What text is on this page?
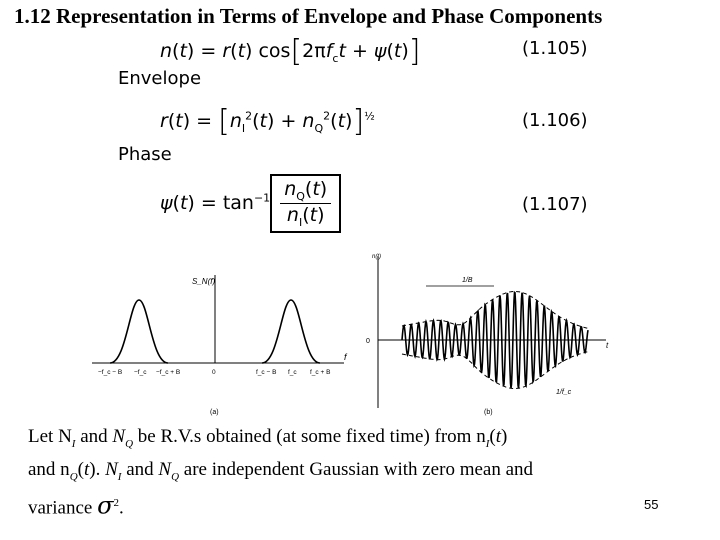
1.12 Representation in Terms of Envelope and Phase Components
n(t) = r(t) $\cos[2\pi f_ct + \psi(t)]$	(1.105)
Envelope
$r(t) = [n_I^2(t) + n_Q^2(t)]^{\frac{1}{2}}$	(1.106)
Phase
$\psi(t) = \tan^{-1} \frac{n_Q(t)}{n_I(t)}$	(1.107)
S_N(f)
f
−f_c − B −f_c −f_c + B	0	f_c − B f_c f_c + B
(a)
1/B
1/f_c
n(t)
t
0
(b)
Let $N_I$ and $N_Q$ be R.V.s obtained (at some fixed time) from $n_I(t)$
and $n_Q(t)$. $N_I$ and $N_Q$ are independent Gaussian with zero mean and
variance $\sigma^2$.	55
